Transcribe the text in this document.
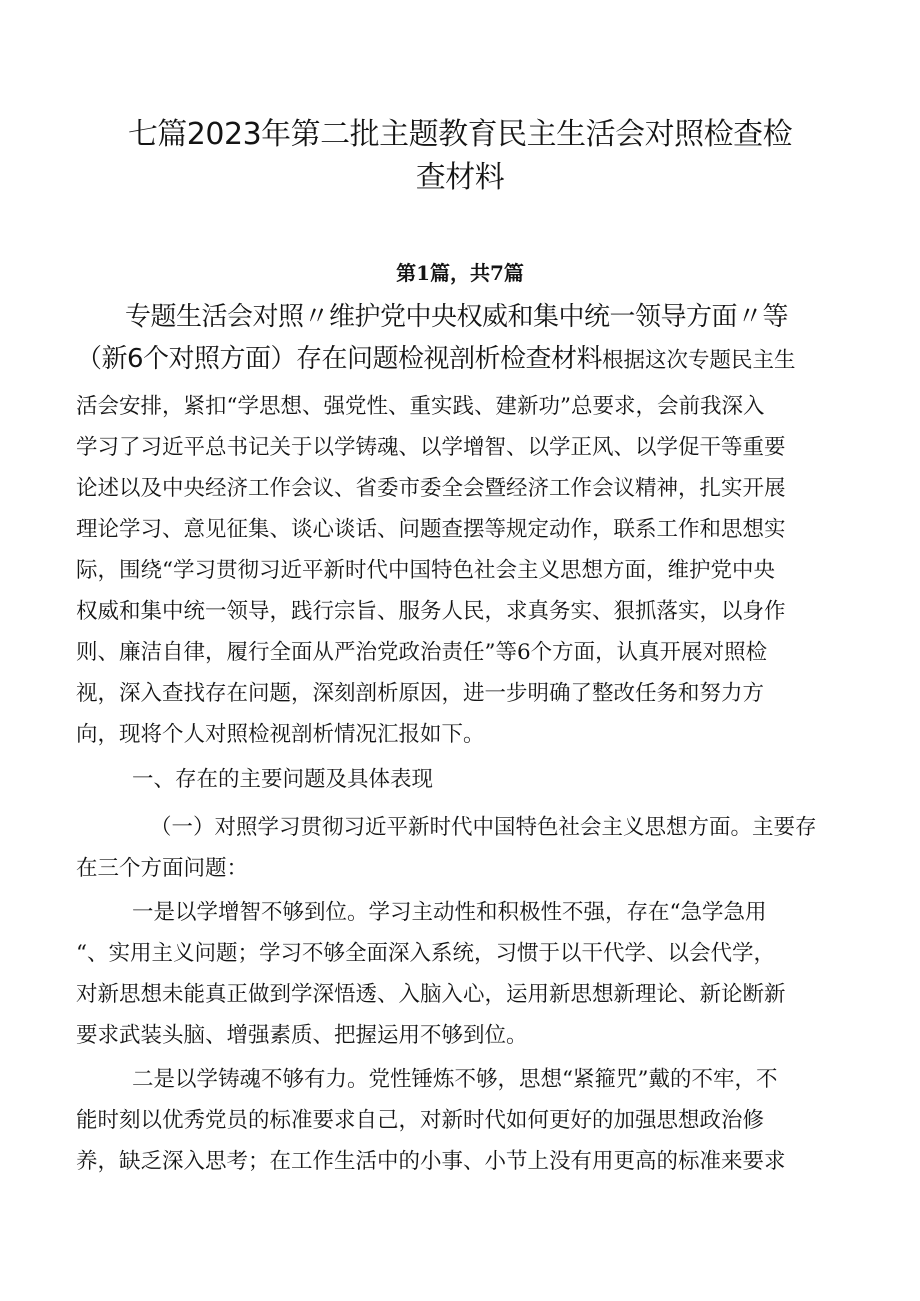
七篇2023年第二批主题教育民主生活会对照检查检
查材料
第1篇，共7篇
专题生活会对照〃维护党中央权威和集中统一领导方面〃等
（新6个对照方面）存在问题检视剖析检查材料根据这次专题民主生
活会安排，紧扣“学思想、强党性、重实践、建新功”总要求，会前我深入
学习了习近平总书记关于以学铸魂、以学增智、以学正风、以学促干等重要
论述以及中央经济工作会议、省委市委全会暨经济工作会议精神，扎实开展
理论学习、意见征集、谈心谈话、问题查摆等规定动作，联系工作和思想实
际，围绕“学习贯彻习近平新时代中国特色社会主义思想方面，维护党中央
权威和集中统一领导，践行宗旨、服务人民，求真务实、狠抓落实，以身作
则、廉洁自律，履行全面从严治党政治责任”等6个方面，认真开展对照检
视，深入查找存在问题，深刻剖析原因，进一步明确了整改任务和努力方
向，现将个人对照检视剖析情况汇报如下。
一、存在的主要问题及具体表现
（一）对照学习贯彻习近平新时代中国特色社会主义思想方面。主要存
在三个方面问题：
一是以学增智不够到位。学习主动性和积极性不强，存在“急学急用
“、实用主义问题；学习不够全面深入系统，习惯于以干代学、以会代学，
对新思想未能真正做到学深悟透、入脑入心，运用新思想新理论、新论断新
要求武装头脑、增强素质、把握运用不够到位。
二是以学铸魂不够有力。党性锤炼不够，思想“紧箍咒”戴的不牢，不
能时刻以优秀党员的标准要求自己，对新时代如何更好的加强思想政治修
养，缺乏深入思考；在工作生活中的小事、小节上没有用更高的标准来要求
